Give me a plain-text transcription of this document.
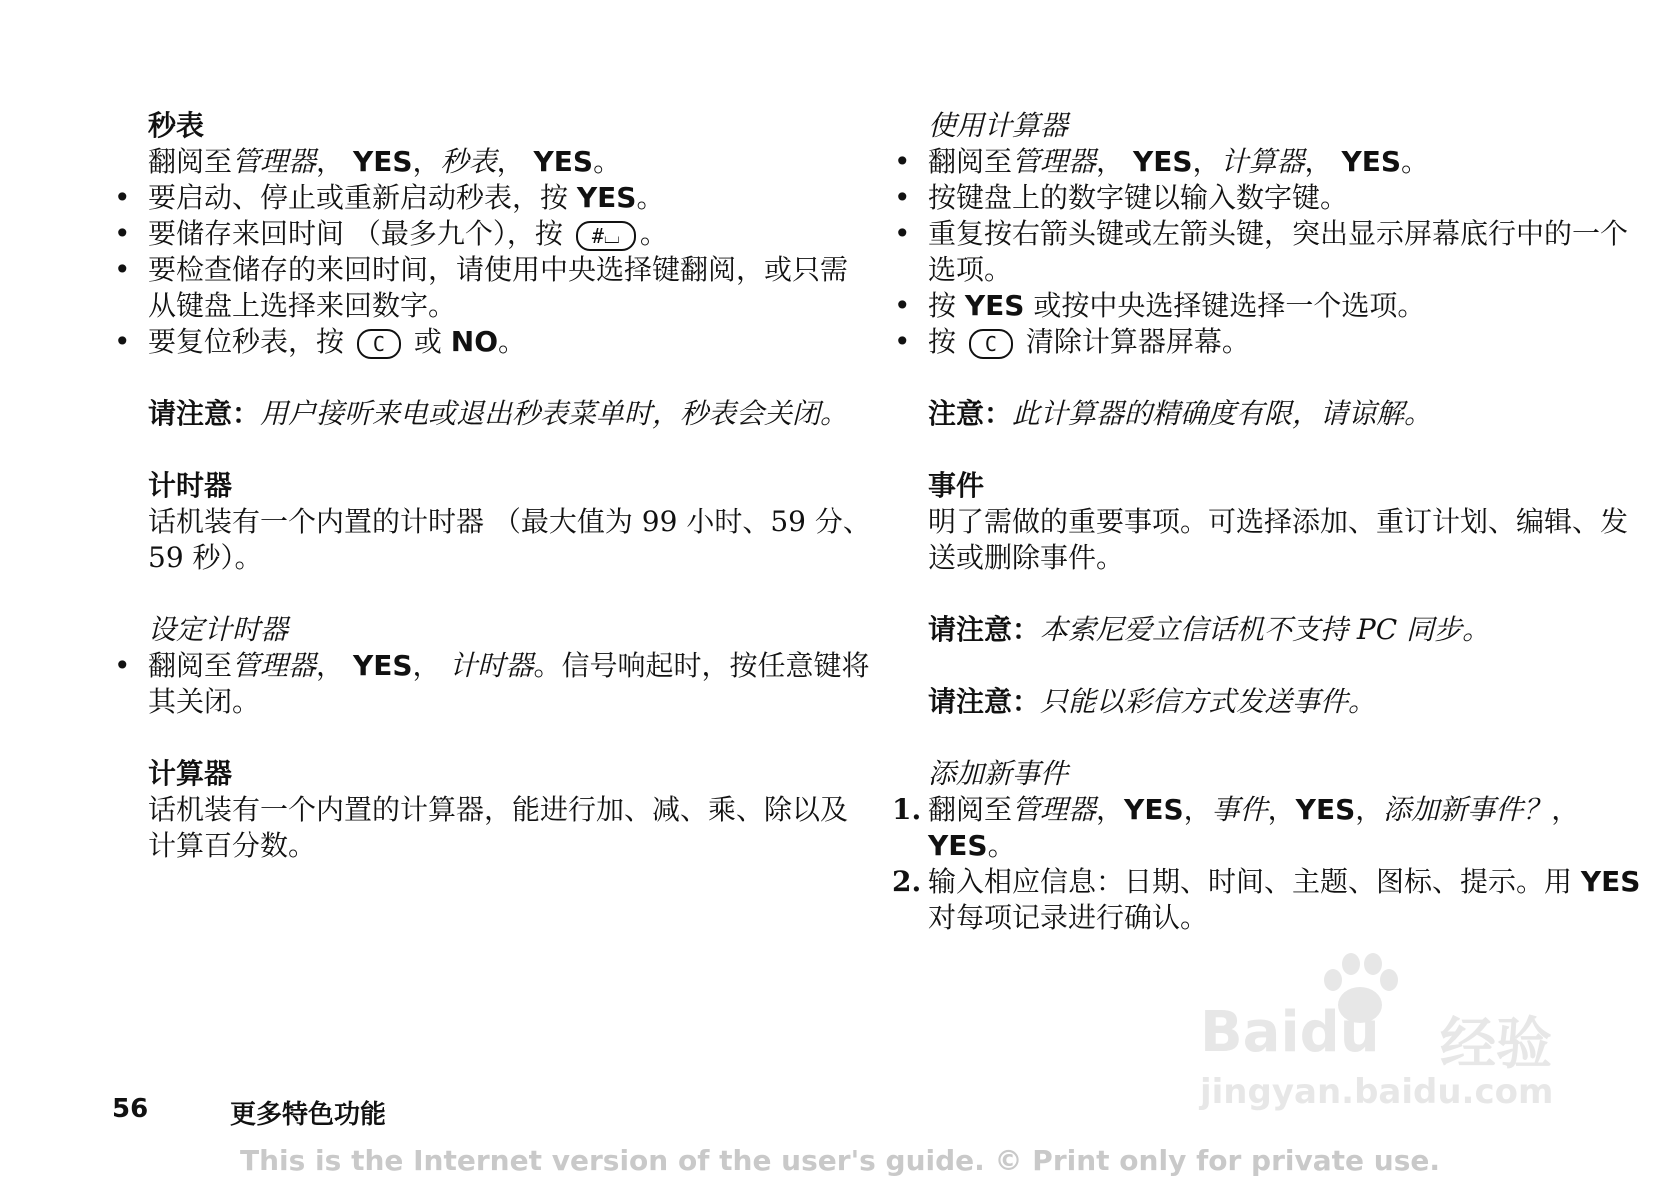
秒表
翻阅至管理器， YES，秒表， YES。
• 要启动、停止或重新启动秒表，按 YES。
• 要储存来回时间 （最多九个），按 #⌴ 。
• 要检查储存的来回时间，请使用中央选择键翻阅，或只需从键盘上选择来回数字。
• 要复位秒表，按 C 或 NO。
请注意：用户接听来电或退出秒表菜单时，秒表会关闭。
计时器
话机装有一个内置的计时器 （最大值为 99 小时、59 分、 59 秒）。
设定计时器
• 翻阅至管理器， YES， 计时器。信号响起时，按任意键将其关闭。
计算器
话机装有一个内置的计算器，能进行加、减、乘、除以及计算百分数。
使用计算器
• 翻阅至管理器， YES，计算器， YES。
• 按键盘上的数字键以输入数字键。
• 重复按右箭头键或左箭头键，突出显示屏幕底行中的一个选项。
• 按 YES 或按中央选择键选择一个选项。
• 按 C 清除计算器屏幕。
注意：此计算器的精确度有限，请谅解。
事件
明了需做的重要事项。可选择添加、重订计划、编辑、发送或删除事件。
请注意：本索尼爱立信话机不支持 PC 同步。
请注意：只能以彩信方式发送事件。
添加新事件
1. 翻阅至管理器，YES，事件，YES，添加新事件？，YES。
2. 输入相应信息：日期、时间、主题、图标、提示。用 YES 对每项记录进行确认。
Baidu 经验
jingyan.baidu.com
56	更多特色功能
This is the Internet version of the user's guide. © Print only for private use.
